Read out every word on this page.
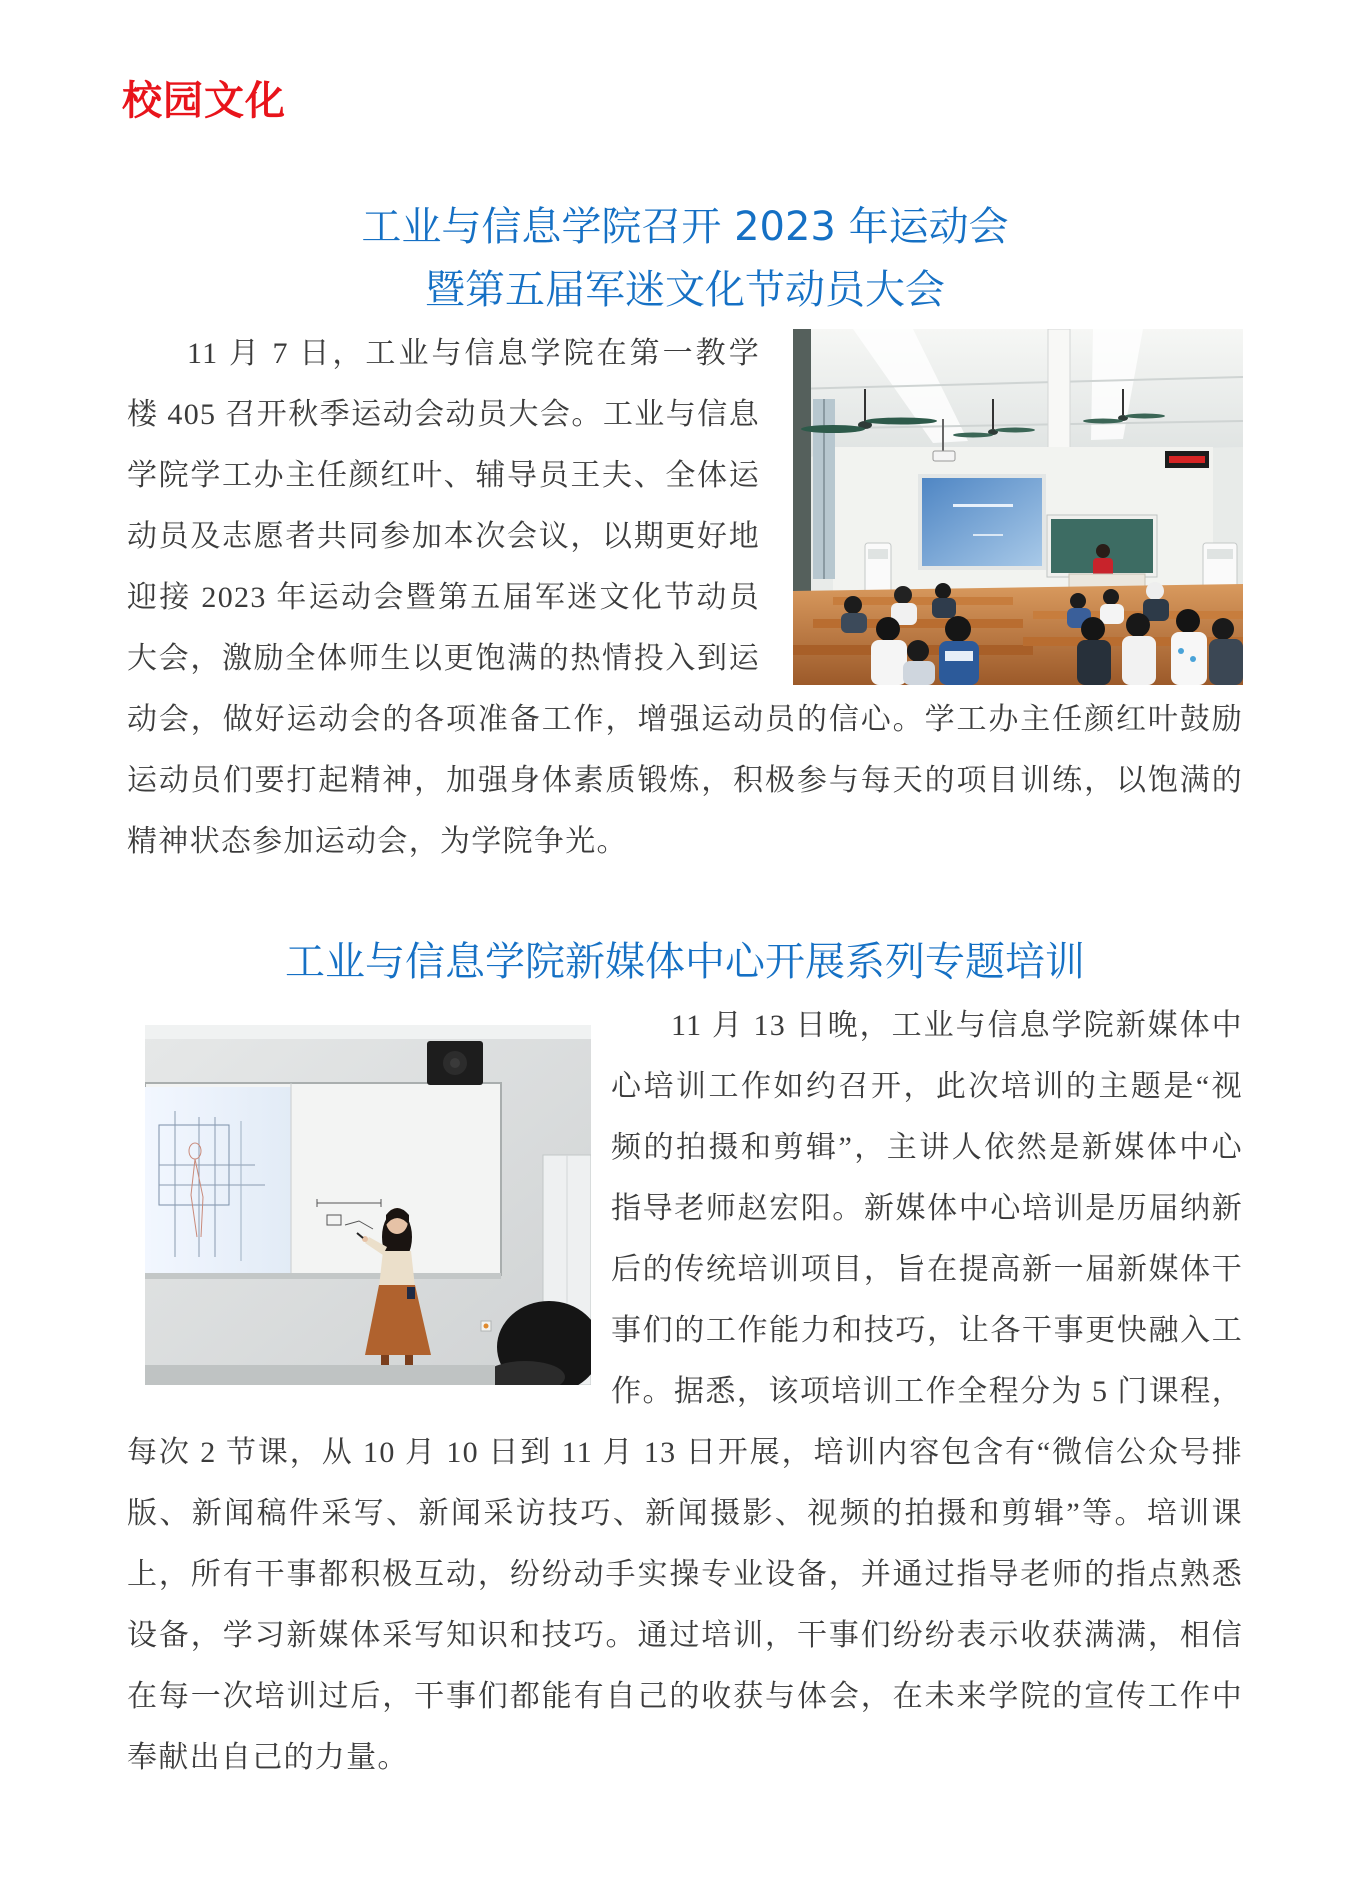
校园文化
工业与信息学院召开 2023 年运动会
暨第五届军迷文化节动员大会
11 月 7 日，工业与信息学院在第一教学楼 405 召开秋季运动会动员大会。工业与信息学院学工办主任颜红叶、辅导员王夫、全体运动员及志愿者共同参加本次会议，以期更好地迎接 2023 年运动会暨第五届军迷文化节动员大会，激励全体师生以更饱满的热情投入到运动会，做好运动会的各项准备工作，增强运动员的信心。学工办主任颜红叶鼓励运动员们要打起精神，加强身体素质锻炼，积极参与每天的项目训练，以饱满的精神状态参加运动会，为学院争光。
工业与信息学院新媒体中心开展系列专题培训
11 月 13 日晚，工业与信息学院新媒体中心培训工作如约召开，此次培训的主题是“视频的拍摄和剪辑”，主讲人依然是新媒体中心指导老师赵宏阳。新媒体中心培训是历届纳新后的传统培训项目，旨在提高新一届新媒体干事们的工作能力和技巧，让各干事更快融入工作。据悉，该项培训工作全程分为 5 门课程，每次 2 节课，从 10 月 10 日到 11 月 13 日开展，培训内容包含有“微信公众号排版、新闻稿件采写、新闻采访技巧、新闻摄影、视频的拍摄和剪辑”等。培训课上，所有干事都积极互动，纷纷动手实操专业设备，并通过指导老师的指点熟悉设备，学习新媒体采写知识和技巧。通过培训，干事们纷纷表示收获满满，相信在每一次培训过后，干事们都能有自己的收获与体会，在未来学院的宣传工作中奉献出自己的力量。
